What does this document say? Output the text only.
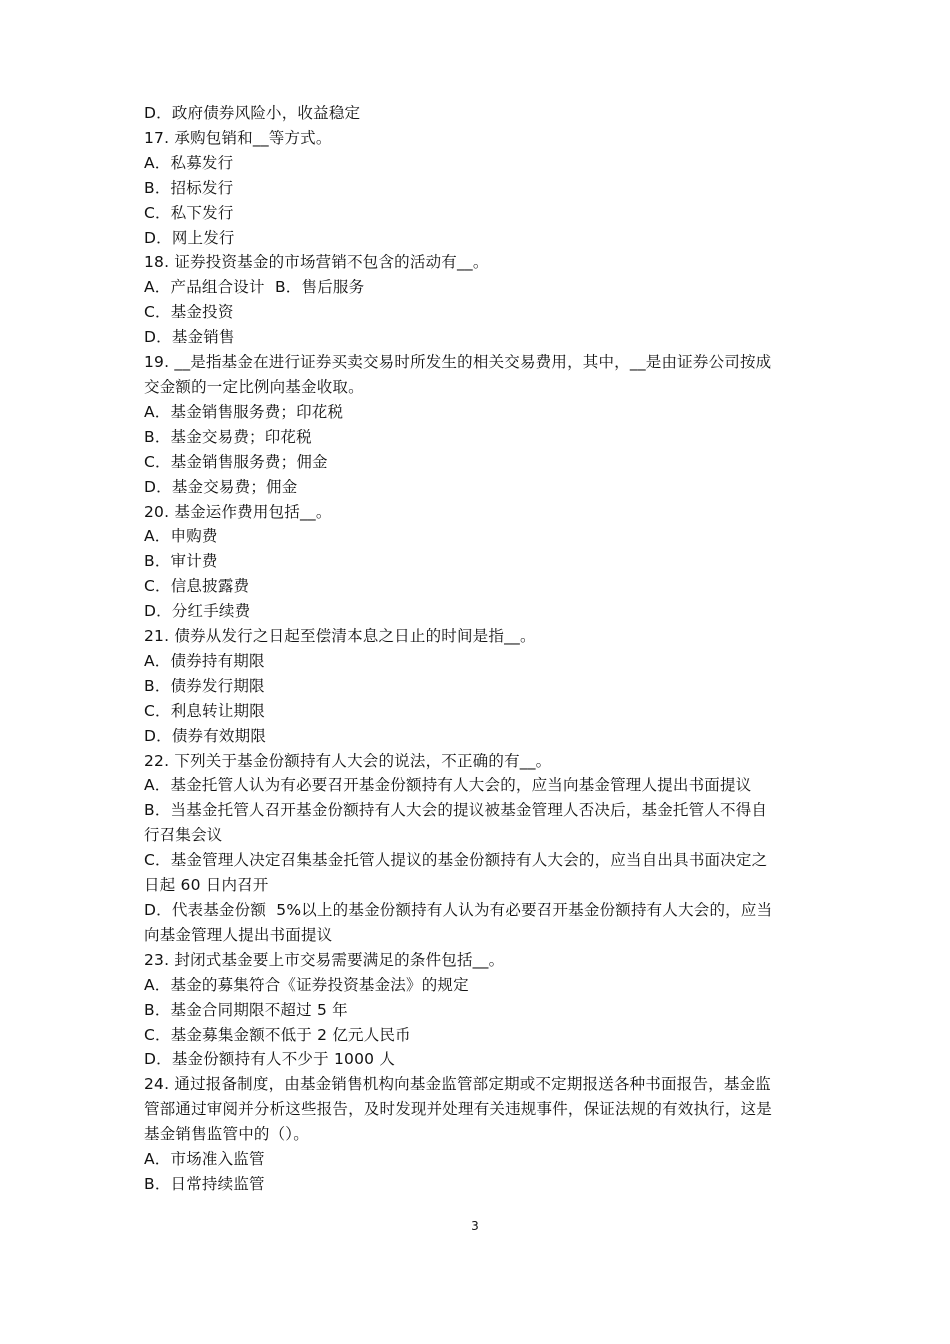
D．政府债券风险小，收益稳定
17. 承购包销和__等方式。
A．私募发行
B．招标发行
C．私下发行
D．网上发行
18. 证券投资基金的市场营销不包含的活动有__。
A．产品组合设计  B．售后服务
C．基金投资
D．基金销售
19. __是指基金在进行证券买卖交易时所发生的相关交易费用，其中，__是由证券公司按成
交金额的一定比例向基金收取。
A．基金销售服务费；印花税
B．基金交易费；印花税
C．基金销售服务费；佣金
D．基金交易费；佣金
20. 基金运作费用包括__。
A．申购费
B．审计费
C．信息披露费
D．分红手续费
21. 债券从发行之日起至偿清本息之日止的时间是指__。
A．债券持有期限
B．债券发行期限
C．利息转让期限
D．债券有效期限
22. 下列关于基金份额持有人大会的说法，不正确的有__。
A．基金托管人认为有必要召开基金份额持有人大会的，应当向基金管理人提出书面提议
B．当基金托管人召开基金份额持有人大会的提议被基金管理人否决后，基金托管人不得自
行召集会议
C．基金管理人决定召集基金托管人提议的基金份额持有人大会的，应当自出具书面决定之
日起 60 日内召开
D．代表基金份额  5%以上的基金份额持有人认为有必要召开基金份额持有人大会的，应当
向基金管理人提出书面提议
23. 封闭式基金要上市交易需要满足的条件包括__。
A．基金的募集符合《证券投资基金法》的规定
B．基金合同期限不超过 5 年
C．基金募集金额不低于 2 亿元人民币
D．基金份额持有人不少于 1000 人
24. 通过报备制度，由基金销售机构向基金监管部定期或不定期报送各种书面报告，基金监
管部通过审阅并分析这些报告，及时发现并处理有关违规事件，保证法规的有效执行，这是
基金销售监管中的（）。
A．市场准入监管
B．日常持续监管
3
